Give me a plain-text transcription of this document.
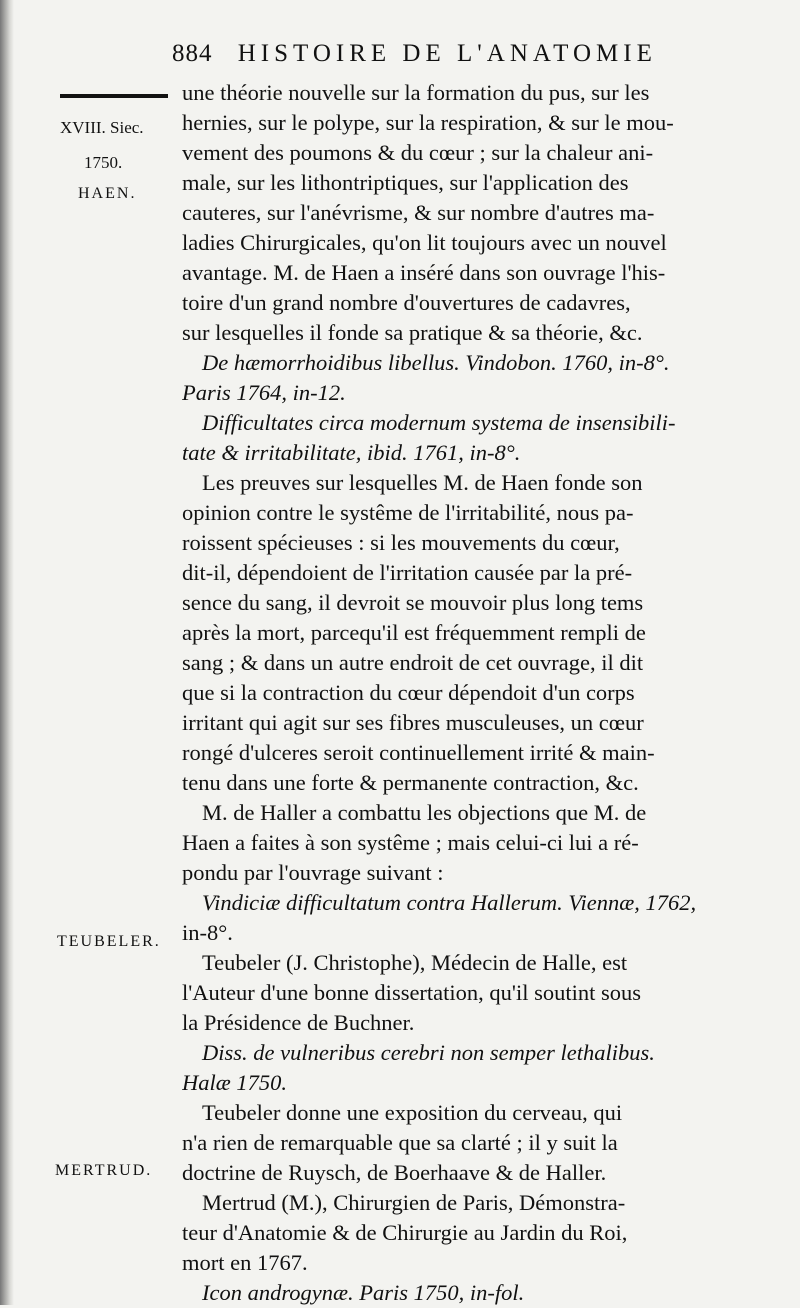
884 HISTOIRE DE L'ANATOMIE
XVIII. Siec.
1750.
HAEN.
TEUBELER.
MERTRUD.
une théorie nouvelle sur la formation du pus, sur les
hernies, sur le polype, sur la respiration, & sur le mou-
vement des poumons & du cœur ; sur la chaleur ani-
male, sur les lithontriptiques, sur l'application des
cauteres, sur l'anévrisme, & sur nombre d'autres ma-
ladies Chirurgicales, qu'on lit toujours avec un nouvel
avantage. M. de Haen a inséré dans son ouvrage l'his-
toire d'un grand nombre d'ouvertures de cadavres,
sur lesquelles il fonde sa pratique & sa théorie, &c.
De hæmorrhoidibus libellus. Vindobon. 1760, in-8°.
Paris 1764, in-12.
Difficultates circa modernum systema de insensibili-
tate & irritabilitate, ibid. 1761, in-8°.
Les preuves sur lesquelles M. de Haen fonde son
opinion contre le systême de l'irritabilité, nous pa-
roissent spécieuses : si les mouvements du cœur,
dit-il, dépendoient de l'irritation causée par la pré-
sence du sang, il devroit se mouvoir plus long tems
après la mort, parcequ'il est fréquemment rempli de
sang ; & dans un autre endroit de cet ouvrage, il dit
que si la contraction du cœur dépendoit d'un corps
irritant qui agit sur ses fibres musculeuses, un cœur
rongé d'ulceres seroit continuellement irrité & main-
tenu dans une forte & permanente contraction, &c.
M. de Haller a combattu les objections que M. de
Haen a faites à son systême ; mais celui-ci lui a ré-
pondu par l'ouvrage suivant :
Vindiciæ difficultatum contra Hallerum. Viennæ, 1762,
in-8°.
Teubeler (J. Christophe), Médecin de Halle, est
l'Auteur d'une bonne dissertation, qu'il soutint sous
la Présidence de Buchner.
Diss. de vulneribus cerebri non semper lethalibus.
Halæ 1750.
Teubeler donne une exposition du cerveau, qui
n'a rien de remarquable que sa clarté ; il y suit la
doctrine de Ruysch, de Boerhaave & de Haller.
Mertrud (M.), Chirurgien de Paris, Démonstra-
teur d'Anatomie & de Chirurgie au Jardin du Roi,
mort en 1767.
Icon androgynæ. Paris 1750, in-fol.
